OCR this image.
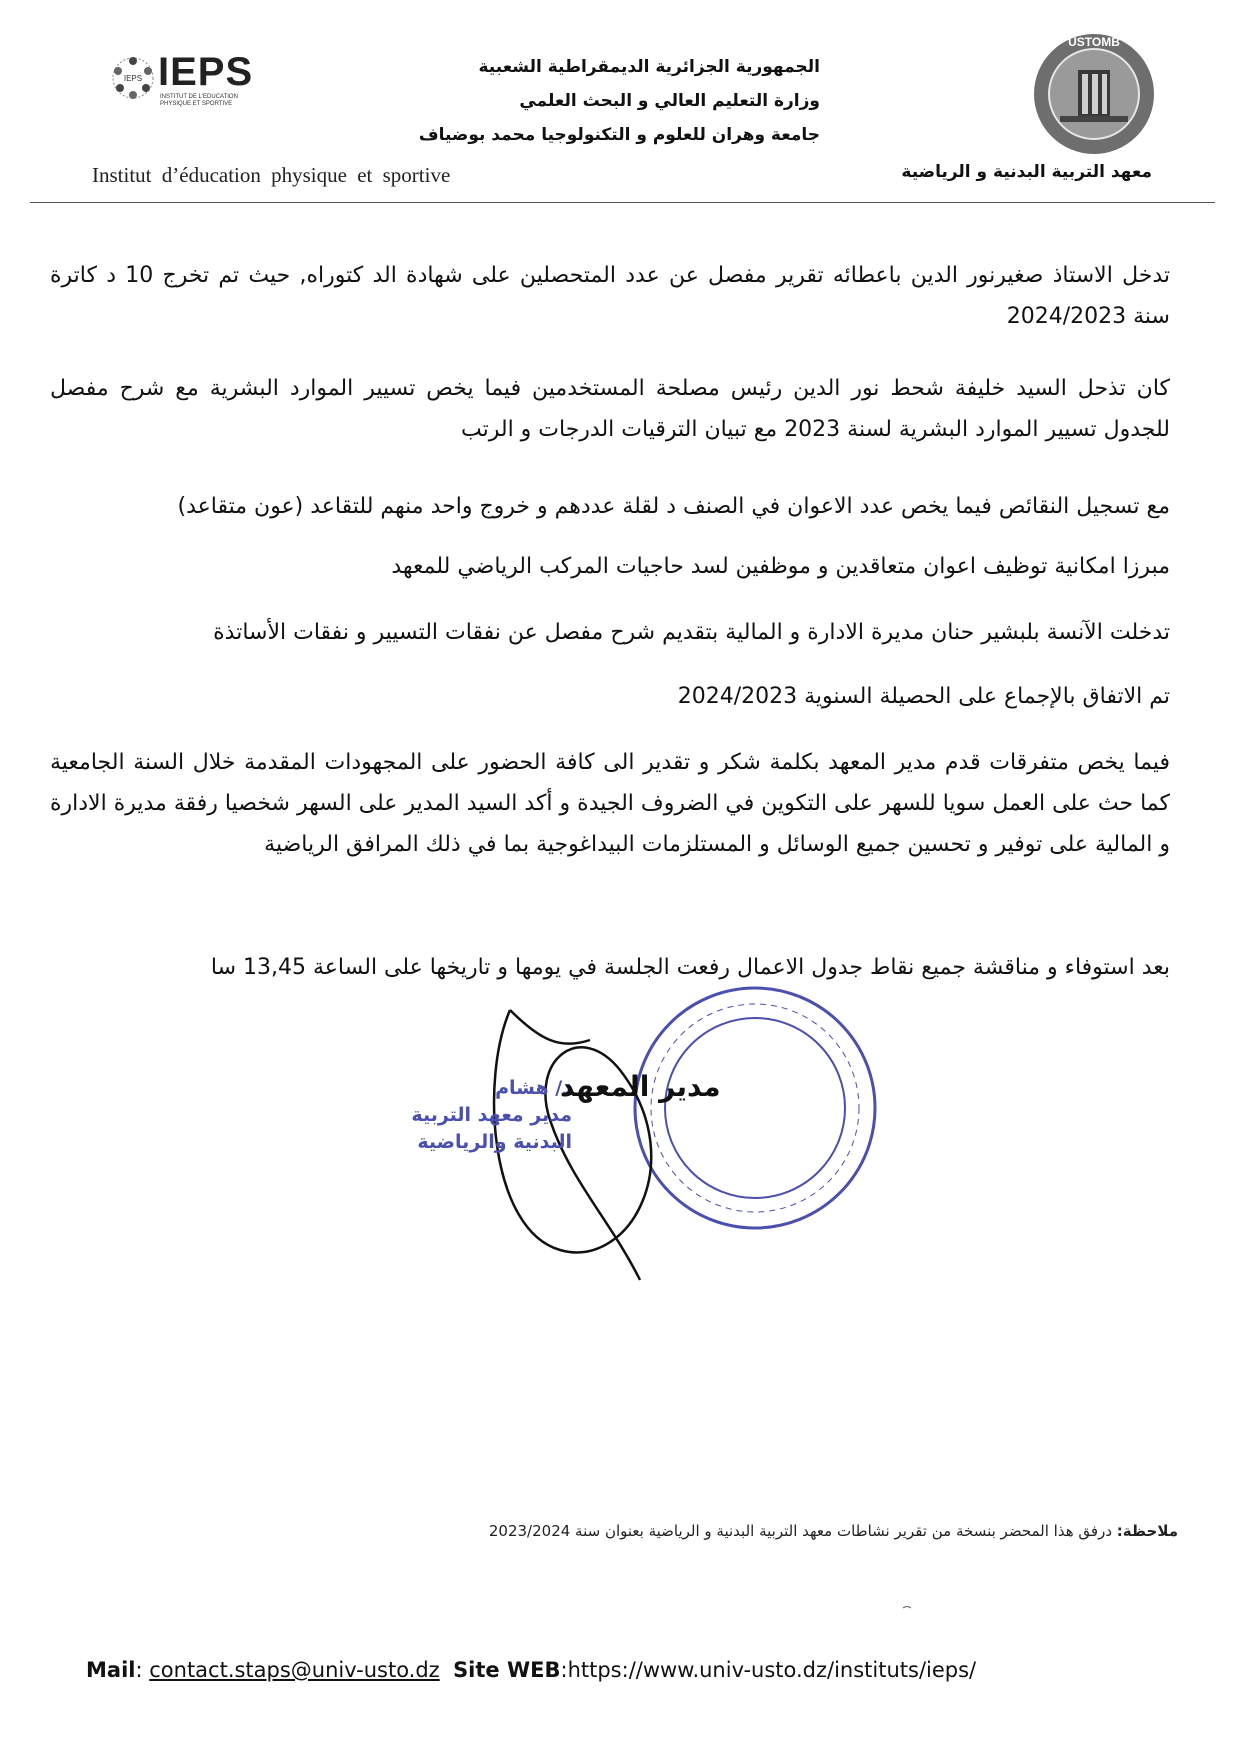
IEPS IEPS
INSTITUT DE L'EDUCATION PHYSIQUE ET SPORTIVE
Institut d’éducation physique et sportive
الجمهورية الجزائرية الديمقراطية الشعبية
وزارة التعليم العالي و البحث العلمي
جامعة وهران للعلوم و التكنولوجيا محمد بوضياف
USTOMB
معهد التربية البدنية و الرياضية
تدخل الاستاذ صغيرنور الدين باعطائه تقرير مفصل عن عدد المتحصلين على شهادة الد كتوراه, حيث تم تخرج 10 د كاترة سنة 2024/2023
كان تذحل السيد خليفة شحط نور الدين رئيس مصلحة المستخدمين فيما يخص تسيير الموارد البشرية مع شرح مفصل للجدول تسيير الموارد البشرية لسنة 2023 مع تبيان الترقيات الدرجات و الرتب
مع تسجيل النقائص فيما يخص عدد الاعوان في الصنف د لقلة عددهم و خروج واحد منهم للتقاعد (عون متقاعد)
مبرزا امكانية توظيف اعوان متعاقدين و موظفين لسد حاجيات المركب الرياضي للمعهد
تدخلت الآنسة بلبشير حنان مديرة الادارة و المالية بتقديم شرح مفصل عن نفقات التسيير و نفقات الأساتذة
تم الاتفاق بالإجماع على الحصيلة السنوية 2024/2023
فيما يخص متفرقات قدم مدير المعهد بكلمة شكر و تقدير الى كافة الحضور على المجهودات المقدمة خلال السنة الجامعية كما حث على العمل سويا للسهر على التكوين في الضروف الجيدة و أكد السيد المدير على السهر شخصيا رفقة مديرة الادارة و المالية على توفير و تحسين جميع الوسائل و المستلزمات البيداغوجية بما في ذلك المرافق الرياضية
بعد استوفاء و مناقشة جميع نقاط جدول الاعمال رفعت الجلسة في يومها و تاريخها على الساعة 13,45 سا
د/ هشام
مدير معهد التربية
البدنية والرياضية
مدير المعهد
ملاحظة: درفق هذا المحضر بنسخة من تقرير نشاطات معهد التربية البدنية و الرياضية بعنوان سنة 2023/2024
Mail: contact.staps@univ-usto.dz Site WEB:https://www.univ-usto.dz/instituts/ieps/
